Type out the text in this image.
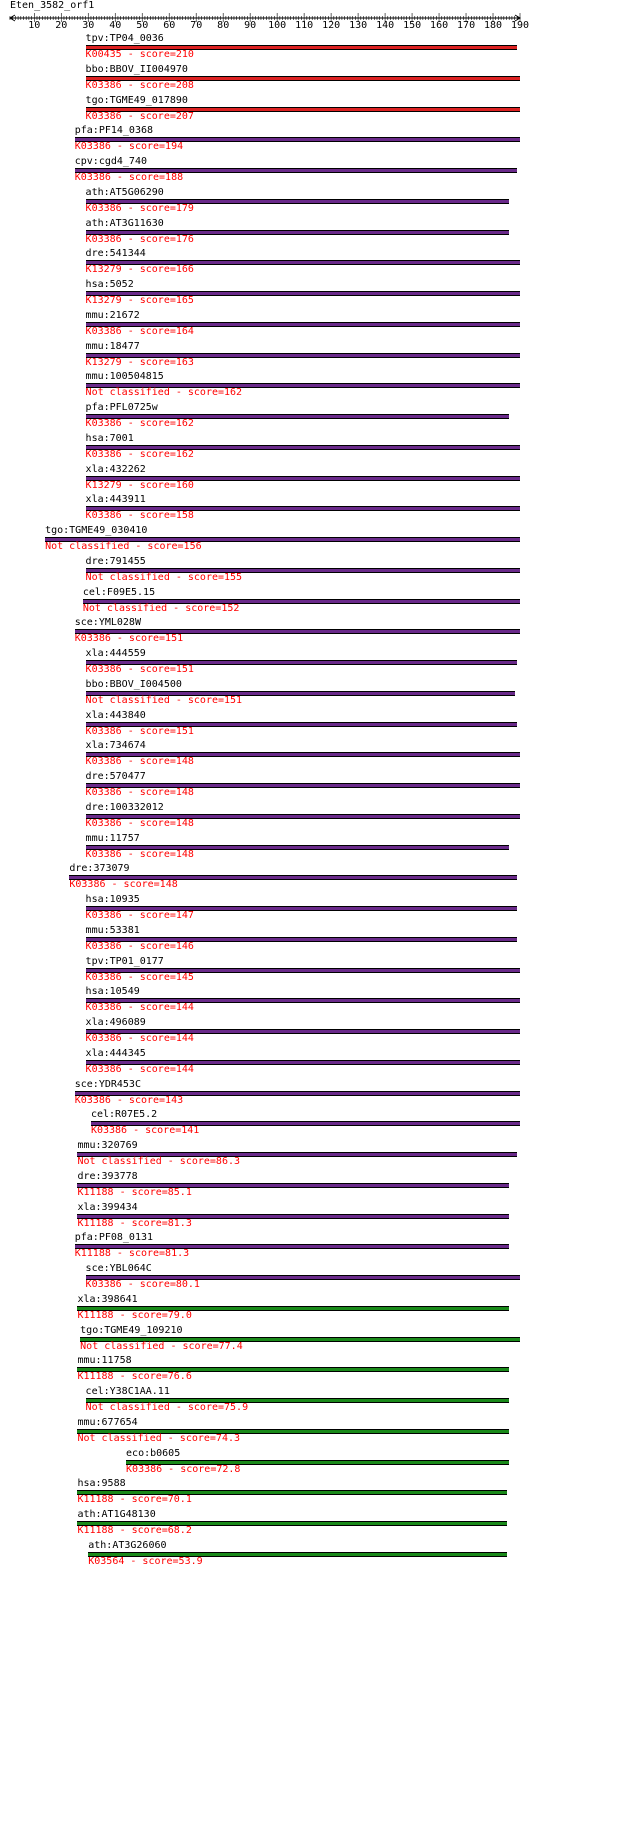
Eten_3582_orf1
10 20 30 40 50 60 70 80 90 100 110 120 130 140 150 160 170 180 190
tpv:TP04_0036
K00435 - score=210
bbo:BBOV_II004970
K03386 - score=208
tgo:TGME49_017890
K03386 - score=207
pfa:PF14_0368
K03386 - score=194
cpv:cgd4_740
K03386 - score=188
ath:AT5G06290
K03386 - score=179
ath:AT3G11630
K03386 - score=176
dre:541344
K13279 - score=166
hsa:5052
K13279 - score=165
mmu:21672
K03386 - score=164
mmu:18477
K13279 - score=163
mmu:100504815
Not classified - score=162
pfa:PFL0725w
K03386 - score=162
hsa:7001
K03386 - score=162
xla:432262
K13279 - score=160
xla:443911
K03386 - score=158
tgo:TGME49_030410
Not classified - score=156
dre:791455
Not classified - score=155
cel:F09E5.15
Not classified - score=152
sce:YML028W
K03386 - score=151
xla:444559
K03386 - score=151
bbo:BBOV_I004500
Not classified - score=151
xla:443840
K03386 - score=151
xla:734674
K03386 - score=148
dre:570477
K03386 - score=148
dre:100332012
K03386 - score=148
mmu:11757
K03386 - score=148
dre:373079
K03386 - score=148
hsa:10935
K03386 - score=147
mmu:53381
K03386 - score=146
tpv:TP01_0177
K03386 - score=145
hsa:10549
K03386 - score=144
xla:496089
K03386 - score=144
xla:444345
K03386 - score=144
sce:YDR453C
K03386 - score=143
cel:R07E5.2
K03386 - score=141
mmu:320769
Not classified - score=86.3
dre:393778
K11188 - score=85.1
xla:399434
K11188 - score=81.3
pfa:PF08_0131
K11188 - score=81.3
sce:YBL064C
K03386 - score=80.1
xla:398641
K11188 - score=79.0
tgo:TGME49_109210
Not classified - score=77.4
mmu:11758
K11188 - score=76.6
cel:Y38C1AA.11
Not classified - score=75.9
mmu:677654
Not classified - score=74.3
eco:b0605
K03386 - score=72.8
hsa:9588
K11188 - score=70.1
ath:AT1G48130
K11188 - score=68.2
ath:AT3G26060
K03564 - score=53.9
